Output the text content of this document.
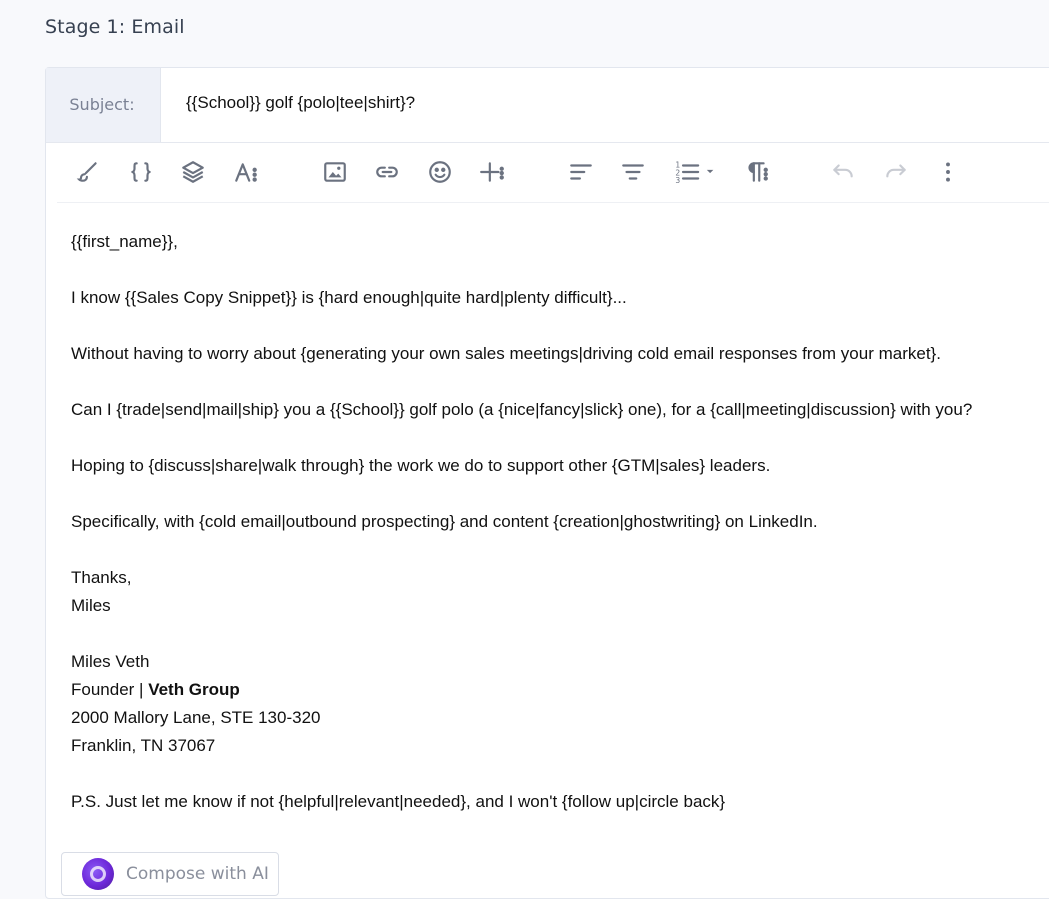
Stage 1: Email
Subject:
{{School}} golf {polo|tee|shirt}?
1
2
3

{{first_name}},

I know {{Sales Copy Snippet}} is {hard enough|quite hard|plenty difficult}...

Without having to worry about {generating your own sales meetings|driving cold email responses from your market}.

Can I {trade|send|mail|ship} you a {{School}} golf polo (a {nice|fancy|slick} one), for a {call|meeting|discussion} with you?

Hoping to {discuss|share|walk through} the work we do to support other {GTM|sales} leaders.

Specifically, with {cold email|outbound prospecting} and content {creation|ghostwriting} on LinkedIn.

Thanks,

Miles

Miles Veth

Founder | Veth Group

2000 Mallory Lane, STE 130-320

Franklin, TN 37067

P.S. Just let me know if not {helpful|relevant|needed}, and I won't {follow up|circle back}

Compose with AI
